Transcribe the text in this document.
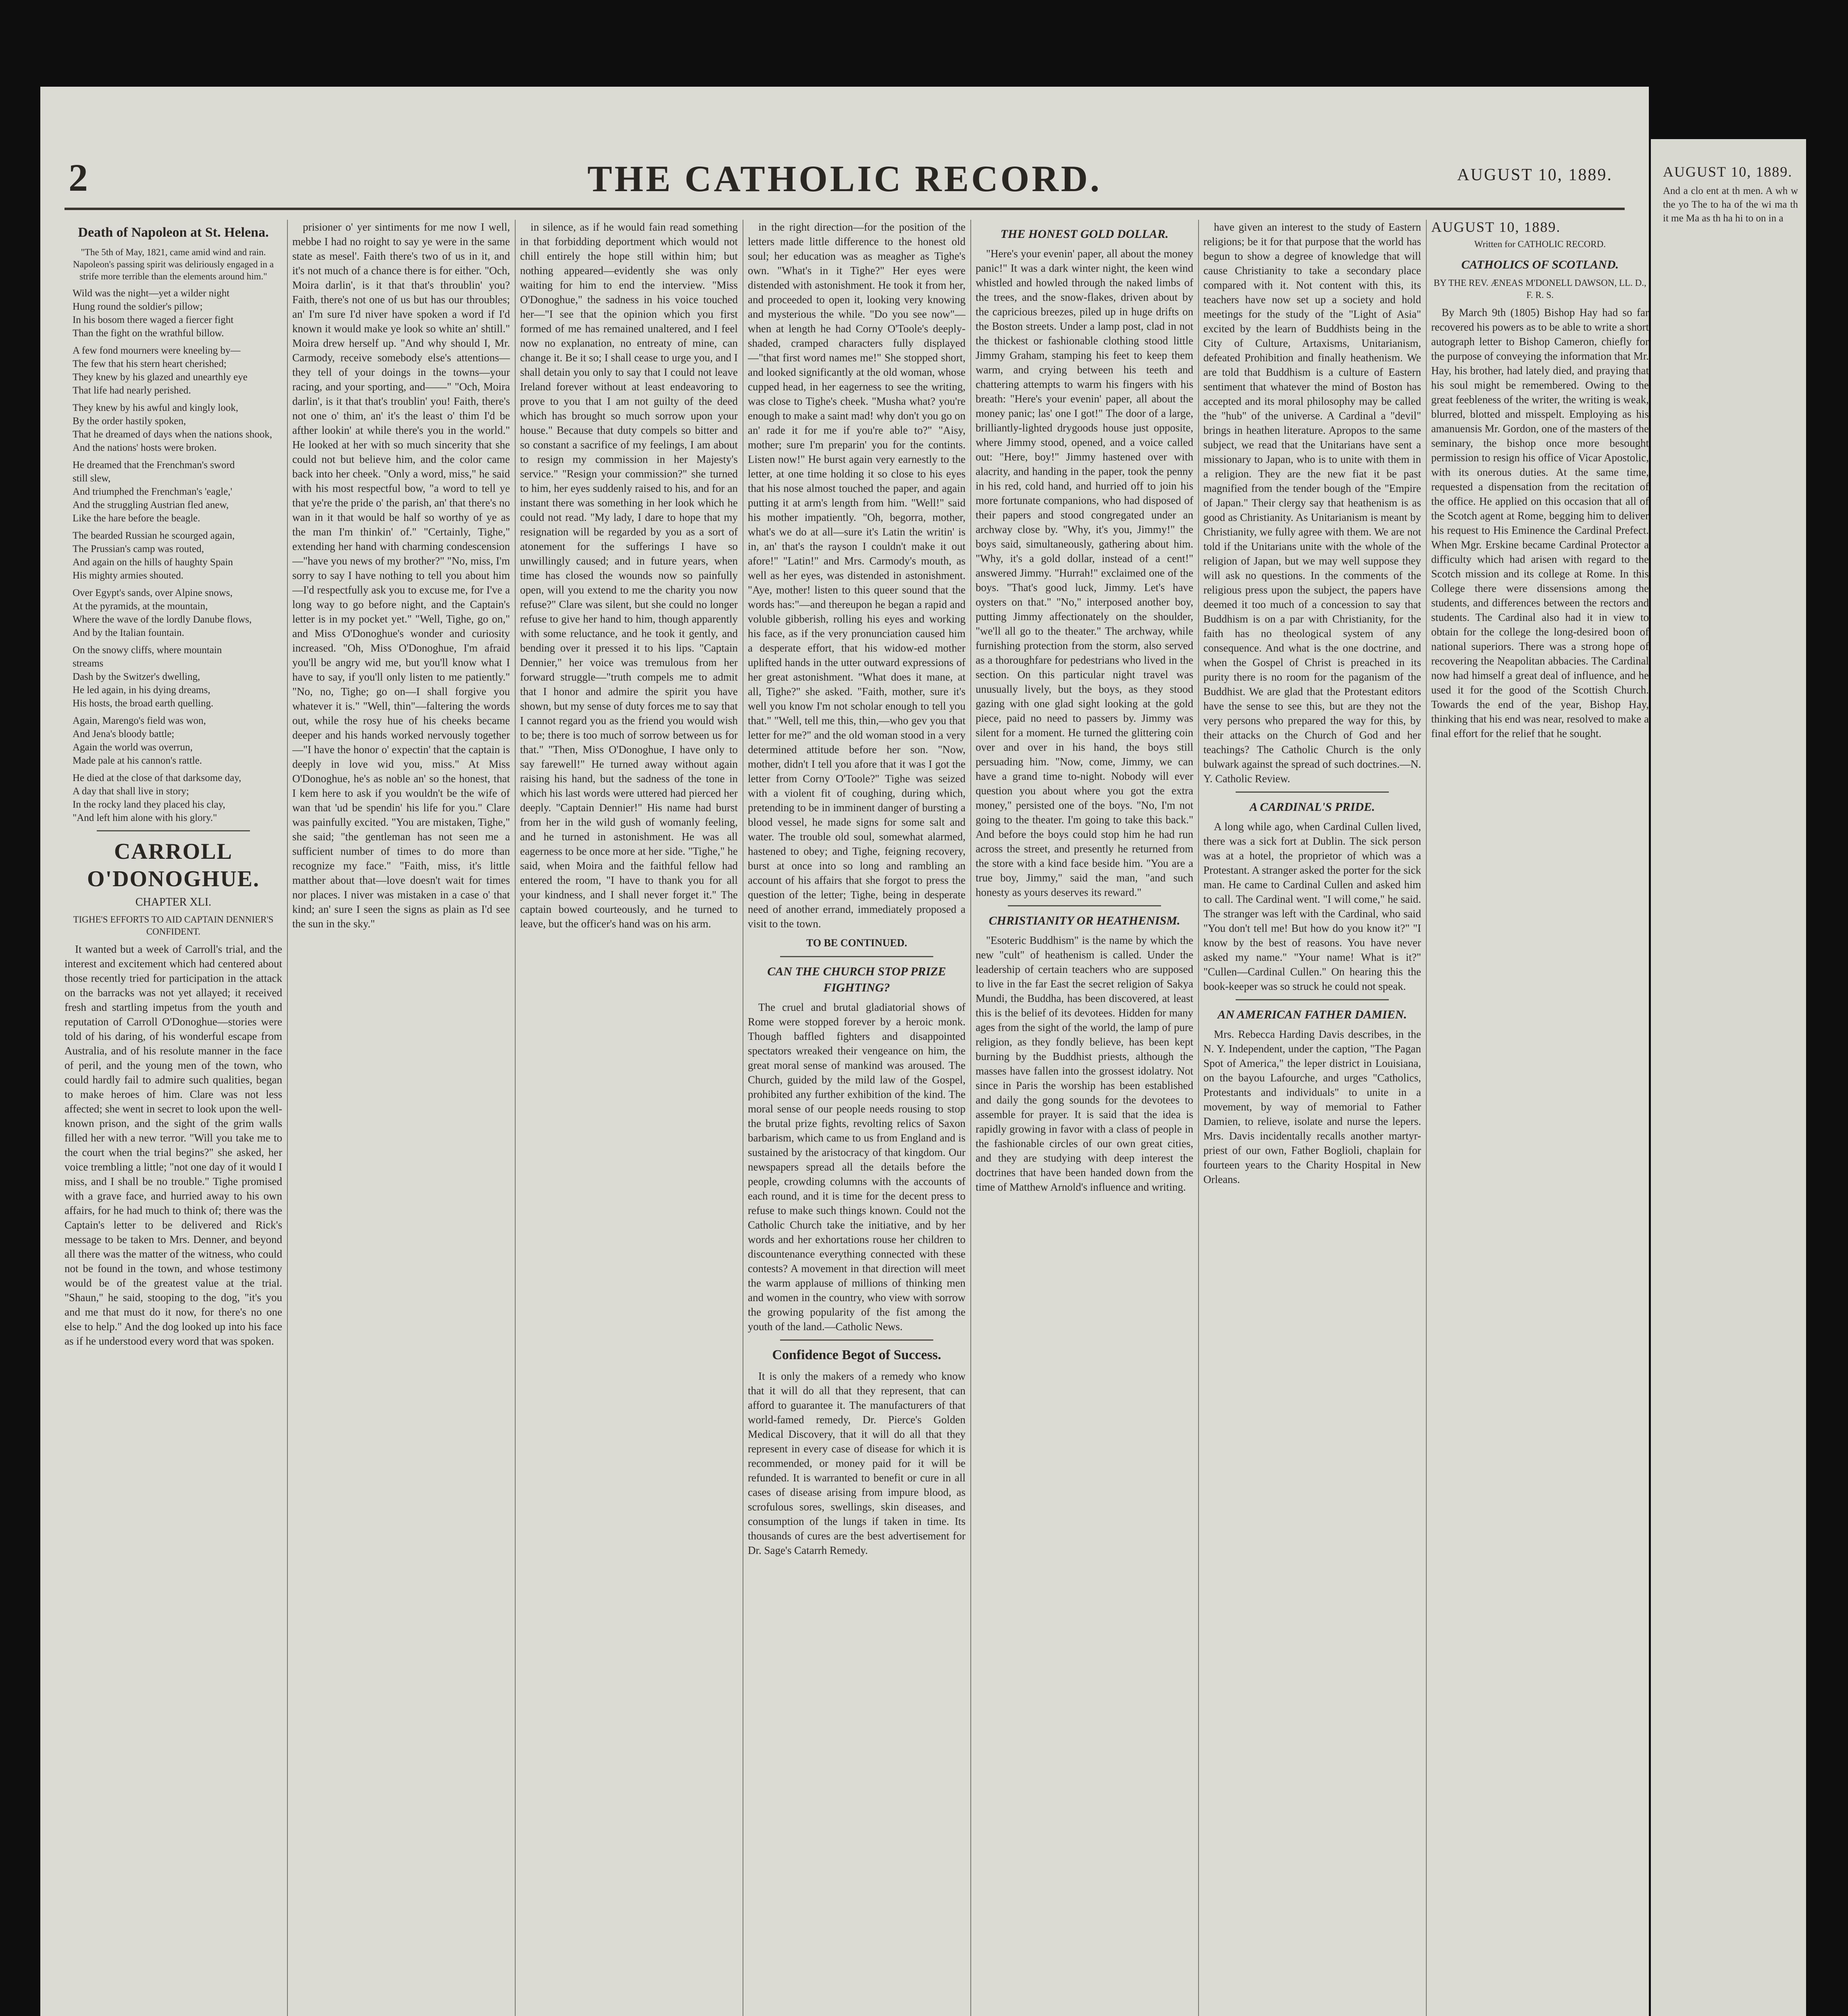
2	THE CATHOLIC RECORD.	AUGUST 10, 1889.
Death of Napoleon at St. Helena.
"The 5th of May, 1821, came amid wind and rain. Napoleon's passing spirit was deliriously engaged in a strife more terrible than the elements around him."
Wild was the night—yet a wilder night
Hung round the soldier's pillow;
In his bosom there waged a fiercer fight
Than the fight on the wrathful billow.
A few fond mourners were kneeling by—
The few that his stern heart cherished;
They knew by his glazed and unearthly eye
That life had nearly perished.
They knew by his awful and kingly look,
By the order hastily spoken,
That he dreamed of days when the nations shook,
And the nations' hosts were broken.
He dreamed that the Frenchman's sword
still slew,
And triumphed the Frenchman's 'eagle,'
And the struggling Austrian fled anew,
Like the hare before the beagle.
The bearded Russian he scourged again,
The Prussian's camp was routed,
And again on the hills of haughty Spain
His mighty armies shouted.
Over Egypt's sands, over Alpine snows,
At the pyramids, at the mountain,
Where the wave of the lordly Danube flows,
And by the Italian fountain.
On the snowy cliffs, where mountain
streams
Dash by the Switzer's dwelling,
He led again, in his dying dreams,
His hosts, the broad earth quelling.
Again, Marengo's field was won,
And Jena's bloody battle;
Again the world was overrun,
Made pale at his cannon's rattle.
He died at the close of that darksome day,
A day that shall live in story;
In the rocky land they placed his clay,
"And left him alone with his glory."
CARROLL O'DONOGHUE.
CHAPTER XLI.
TIGHE'S EFFORTS TO AID CAPTAIN DENNIER'S CONFIDENT.
It wanted but a week of Carroll's trial, and the interest and excitement which had centered about those recently tried for participation in the attack on the barracks was not yet allayed; it received fresh and startling impetus from the youth and reputation of Carroll O'Donoghue—stories were told of his daring, of his wonderful escape from Australia, and of his resolute manner in the face of peril, and the young men of the town, who could hardly fail to admire such qualities, began to make heroes of him. Clare was not less affected; she went in secret to look upon the well-known prison, and the sight of the grim walls filled her with a new terror. "Will you take me to the court when the trial begins?" she asked, her voice trembling a little; "not one day of it would I miss, and I shall be no trouble." Tighe promised with a grave face, and hurried away to his own affairs, for he had much to think of; there was the Captain's letter to be delivered and Rick's message to be taken to Mrs. Denner, and beyond all there was the matter of the witness, who could not be found in the town, and whose testimony would be of the greatest value at the trial. "Shaun," he said, stooping to the dog, "it's you and me that must do it now, for there's no one else to help." And the dog looked up into his face as if he understood every word that was spoken.
prisioner o' yer sintiments for me now I well, mebbe I had no roight to say ye were in the same state as mesel'. Faith there's two of us in it, and it's not much of a chance there is for either. "Och, Moira darlin', is it that that's throublin' you? Faith, there's not one of us but has our throubles; an' I'm sure I'd niver have spoken a word if I'd known it would make ye look so white an' shtill." Moira drew herself up. "And why should I, Mr. Carmody, receive somebody else's attentions—they tell of your doings in the towns—your racing, and your sporting, and——" "Och, Moira darlin', is it that that's troublin' you! Faith, there's not one o' thim, an' it's the least o' thim I'd be afther lookin' at while there's you in the world." He looked at her with so much sincerity that she could not but believe him, and the color came back into her cheek. "Only a word, miss," he said with his most respectful bow, "a word to tell ye that ye're the pride o' the parish, an' that there's no wan in it that would be half so worthy of ye as the man I'm thinkin' of." "Certainly, Tighe," extending her hand with charming condescension—"have you news of my brother?" "No, miss, I'm sorry to say I have nothing to tell you about him—I'd respectfully ask you to excuse me, for I've a long way to go before night, and the Captain's letter is in my pocket yet." "Well, Tighe, go on," and Miss O'Donoghue's wonder and curiosity increased. "Oh, Miss O'Donoghue, I'm afraid you'll be angry wid me, but you'll know what I have to say, if you'll only listen to me patiently." "No, no, Tighe; go on—I shall forgive you whatever it is." "Well, thin"—faltering the words out, while the rosy hue of his cheeks became deeper and his hands worked nervously together—"I have the honor o' expectin' that the captain is deeply in love wid you, miss." At Miss O'Donoghue, he's as noble an' so the honest, that I kem here to ask if you wouldn't be the wife of wan that 'ud be spendin' his life for you." Clare was painfully excited. "You are mistaken, Tighe," she said; "the gentleman has not seen me a sufficient number of times to do more than recognize my face." "Faith, miss, it's little matther about that—love doesn't wait for times nor places. I niver was mistaken in a case o' that kind; an' sure I seen the signs as plain as I'd see the sun in the sky."
in silence, as if he would fain read something in that forbidding deportment which would not chill entirely the hope still within him; but nothing appeared—evidently she was only waiting for him to end the interview. "Miss O'Donoghue," the sadness in his voice touched her—"I see that the opinion which you first formed of me has remained unaltered, and I feel now no explanation, no entreaty of mine, can change it. Be it so; I shall cease to urge you, and I shall detain you only to say that I could not leave Ireland forever without at least endeavoring to prove to you that I am not guilty of the deed which has brought so much sorrow upon your house." Because that duty compels so bitter and so constant a sacrifice of my feelings, I am about to resign my commission in her Majesty's service." "Resign your commission?" she turned to him, her eyes suddenly raised to his, and for an instant there was something in her look which he could not read. "My lady, I dare to hope that my resignation will be regarded by you as a sort of atonement for the sufferings I have so unwillingly caused; and in future years, when time has closed the wounds now so painfully open, will you extend to me the charity you now refuse?" Clare was silent, but she could no longer refuse to give her hand to him, though apparently with some reluctance, and he took it gently, and bending over it pressed it to his lips. "Captain Dennier," her voice was tremulous from her forward struggle—"truth compels me to admit that I honor and admire the spirit you have shown, but my sense of duty forces me to say that I cannot regard you as the friend you would wish to be; there is too much of sorrow between us for that." "Then, Miss O'Donoghue, I have only to say farewell!" He turned away without again raising his hand, but the sadness of the tone in which his last words were uttered had pierced her deeply. "Captain Dennier!" His name had burst from her in the wild gush of womanly feeling, and he turned in astonishment. He was all eagerness to be once more at her side. "Tighe," he said, when Moira and the faithful fellow had entered the room, "I have to thank you for all your kindness, and I shall never forget it." The captain bowed courteously, and he turned to leave, but the officer's hand was on his arm.
in the right direction—for the position of the letters made little difference to the honest old soul; her education was as meagher as Tighe's own. "What's in it Tighe?" Her eyes were distended with astonishment. He took it from her, and proceeded to open it, looking very knowing and mysterious the while. "Do you see now"—when at length he had Corny O'Toole's deeply-shaded, cramped characters fully displayed—"that first word names me!" She stopped short, and looked significantly at the old woman, whose cupped head, in her eagerness to see the writing, was close to Tighe's cheek. "Musha what? you're enough to make a saint mad! why don't you go on an' rade it for me if you're able to?" "Aisy, mother; sure I'm preparin' you for the contints. Listen now!" He burst again very earnestly to the letter, at one time holding it so close to his eyes that his nose almost touched the paper, and again putting it at arm's length from him. "Well!" said his mother impatiently. "Oh, begorra, mother, what's we do at all—sure it's Latin the writin' is in, an' that's the rayson I couldn't make it out afore!" "Latin!" and Mrs. Carmody's mouth, as well as her eyes, was distended in astonishment. "Aye, mother! listen to this queer sound that the words has:"—and thereupon he began a rapid and voluble gibberish, rolling his eyes and working his face, as if the very pronunciation caused him a desperate effort, that his widow-ed mother uplifted hands in the utter outward expressions of her great astonishment. "What does it mane, at all, Tighe?" she asked. "Faith, mother, sure it's well you know I'm not scholar enough to tell you that." "Well, tell me this, thin,—who gev you that letter for me?" and the old woman stood in a very determined attitude before her son. "Now, mother, didn't I tell you afore that it was I got the letter from Corny O'Toole?" Tighe was seized with a violent fit of coughing, during which, pretending to be in imminent danger of bursting a blood vessel, he made signs for some salt and water. The trouble old soul, somewhat alarmed, hastened to obey; and Tighe, feigning recovery, burst at once into so long and rambling an account of his affairs that she forgot to press the question of the letter; Tighe, being in desperate need of another errand, immediately proposed a visit to the town.
TO BE CONTINUED.
CAN THE CHURCH STOP PRIZE FIGHTING?
The cruel and brutal gladiatorial shows of Rome were stopped forever by a heroic monk. Though baffled fighters and disappointed spectators wreaked their vengeance on him, the great moral sense of mankind was aroused. The Church, guided by the mild law of the Gospel, prohibited any further exhibition of the kind. The moral sense of our people needs rousing to stop the brutal prize fights, revolting relics of Saxon barbarism, which came to us from England and is sustained by the aristocracy of that kingdom. Our newspapers spread all the details before the people, crowding columns with the accounts of each round, and it is time for the decent press to refuse to make such things known. Could not the Catholic Church take the initiative, and by her words and her exhortations rouse her children to discountenance everything connected with these contests? A movement in that direction will meet the warm applause of millions of thinking men and women in the country, who view with sorrow the growing popularity of the fist among the youth of the land.—Catholic News.
Confidence Begot of Success.
It is only the makers of a remedy who know that it will do all that they represent, that can afford to guarantee it. The manufacturers of that world-famed remedy, Dr. Pierce's Golden Medical Discovery, that it will do all that they represent in every case of disease for which it is recommended, or money paid for it will be refunded. It is warranted to benefit or cure in all cases of disease arising from impure blood, as scrofulous sores, swellings, skin diseases, and consumption of the lungs if taken in time. Its thousands of cures are the best advertisement for Dr. Sage's Catarrh Remedy.
THE HONEST GOLD DOLLAR.
"Here's your evenin' paper, all about the money panic!" It was a dark winter night, the keen wind whistled and howled through the naked limbs of the trees, and the snow-flakes, driven about by the capricious breezes, piled up in huge drifts on the Boston streets. Under a lamp post, clad in not the thickest or fashionable clothing stood little Jimmy Graham, stamping his feet to keep them warm, and crying between his teeth and chattering attempts to warm his fingers with his breath: "Here's your evenin' paper, all about the money panic; las' one I got!" The door of a large, brilliantly-lighted drygoods house just opposite, where Jimmy stood, opened, and a voice called out: "Here, boy!" Jimmy hastened over with alacrity, and handing in the paper, took the penny in his red, cold hand, and hurried off to join his more fortunate companions, who had disposed of their papers and stood congregated under an archway close by. "Why, it's you, Jimmy!" the boys said, simultaneously, gathering about him. "Why, it's a gold dollar, instead of a cent!" answered Jimmy. "Hurrah!" exclaimed one of the boys. "That's good luck, Jimmy. Let's have oysters on that." "No," interposed another boy, putting Jimmy affectionately on the shoulder, "we'll all go to the theater." The archway, while furnishing protection from the storm, also served as a thoroughfare for pedestrians who lived in the section. On this particular night travel was unusually lively, but the boys, as they stood gazing with one glad sight looking at the gold piece, paid no need to passers by. Jimmy was silent for a moment. He turned the glittering coin over and over in his hand, the boys still persuading him. "Now, come, Jimmy, we can have a grand time to-night. Nobody will ever question you about where you got the extra money," persisted one of the boys. "No, I'm not going to the theater. I'm going to take this back." And before the boys could stop him he had run across the street, and presently he returned from the store with a kind face beside him. "You are a true boy, Jimmy," said the man, "and such honesty as yours deserves its reward."
CHRISTIANITY OR HEATHENISM.
"Esoteric Buddhism" is the name by which the new "cult" of heathenism is called. Under the leadership of certain teachers who are supposed to live in the far East the secret religion of Sakya Mundi, the Buddha, has been discovered, at least this is the belief of its devotees. Hidden for many ages from the sight of the world, the lamp of pure religion, as they fondly believe, has been kept burning by the Buddhist priests, although the masses have fallen into the grossest idolatry. Not since in Paris the worship has been established and daily the gong sounds for the devotees to assemble for prayer. It is said that the idea is rapidly growing in favor with a class of people in the fashionable circles of our own great cities, and they are studying with deep interest the doctrines that have been handed down from the time of Matthew Arnold's influence and writing.
have given an interest to the study of Eastern religions; be it for that purpose that the world has begun to show a degree of knowledge that will cause Christianity to take a secondary place compared with it. Not content with this, its teachers have now set up a society and hold meetings for the study of the "Light of Asia" excited by the learn of Buddhists being in the City of Culture, Artaxisms, Unitarianism, defeated Prohibition and finally heathenism. We are told that Buddhism is a culture of Eastern sentiment that whatever the mind of Boston has accepted and its moral philosophy may be called the "hub" of the universe. A Cardinal a "devil" brings in heathen literature. Apropos to the same subject, we read that the Unitarians have sent a missionary to Japan, who is to unite with them in a religion. They are the new fiat it be past magnified from the tender bough of the "Empire of Japan." Their clergy say that heathenism is as good as Christianity. As Unitarianism is meant by Christianity, we fully agree with them. We are not told if the Unitarians unite with the whole of the religion of Japan, but we may well suppose they will ask no questions. In the comments of the religious press upon the subject, the papers have deemed it too much of a concession to say that Buddhism is on a par with Christianity, for the faith has no theological system of any consequence. And what is the one doctrine, and when the Gospel of Christ is preached in its purity there is no room for the paganism of the Buddhist. We are glad that the Protestant editors have the sense to see this, but are they not the very persons who prepared the way for this, by their attacks on the Church of God and her teachings? The Catholic Church is the only bulwark against the spread of such doctrines.—N. Y. Catholic Review.
A CARDINAL'S PRIDE.
A long while ago, when Cardinal Cullen lived, there was a sick fort at Dublin. The sick person was at a hotel, the proprietor of which was a Protestant. A stranger asked the porter for the sick man. He came to Cardinal Cullen and asked him to call. The Cardinal went. "I will come," he said. The stranger was left with the Cardinal, who said "You don't tell me! But how do you know it?" "I know by the best of reasons. You have never asked my name." "Your name! What is it?" "Cullen—Cardinal Cullen." On hearing this the book-keeper was so struck he could not speak.
AN AMERICAN FATHER DAMIEN.
Mrs. Rebecca Harding Davis describes, in the N. Y. Independent, under the caption, "The Pagan Spot of America," the leper district in Louisiana, on the bayou Lafourche, and urges "Catholics, Protestants and individuals" to unite in a movement, by way of memorial to Father Damien, to relieve, isolate and nurse the lepers. Mrs. Davis incidentally recalls another martyr-priest of our own, Father Boglioli, chaplain for fourteen years to the Charity Hospital in New Orleans.
AUGUST 10, 1889.
Written for CATHOLIC RECORD.
CATHOLICS OF SCOTLAND.
BY THE REV. ÆNEAS M'DONELL DAWSON, LL. D., F. R. S.
By March 9th (1805) Bishop Hay had so far recovered his powers as to be able to write a short autograph letter to Bishop Cameron, chiefly for the purpose of conveying the information that Mr. Hay, his brother, had lately died, and praying that his soul might be remembered. Owing to the great feebleness of the writer, the writing is weak, blurred, blotted and misspelt. Employing as his amanuensis Mr. Gordon, one of the masters of the seminary, the bishop once more besought permission to resign his office of Vicar Apostolic, with its onerous duties. At the same time, requested a dispensation from the recitation of the office. He applied on this occasion that all of the Scotch agent at Rome, begging him to deliver his request to His Eminence the Cardinal Prefect. When Mgr. Erskine became Cardinal Protector a difficulty which had arisen with regard to the Scotch mission and its college at Rome. In this College there were dissensions among the students, and differences between the rectors and students. The Cardinal also had it in view to obtain for the college the long-desired boon of national superiors. There was a strong hope of recovering the Neapolitan abbacies. The Cardinal now had himself a great deal of influence, and he used it for the good of the Scottish Church. Towards the end of the year, Bishop Hay, thinking that his end was near, resolved to make a final effort for the relief that he sought.
AUGUST 10, 1889.
And a clo ent at th men. A wh w the yo The to ha of the wi ma th it me Ma as th ha hi to on in a
